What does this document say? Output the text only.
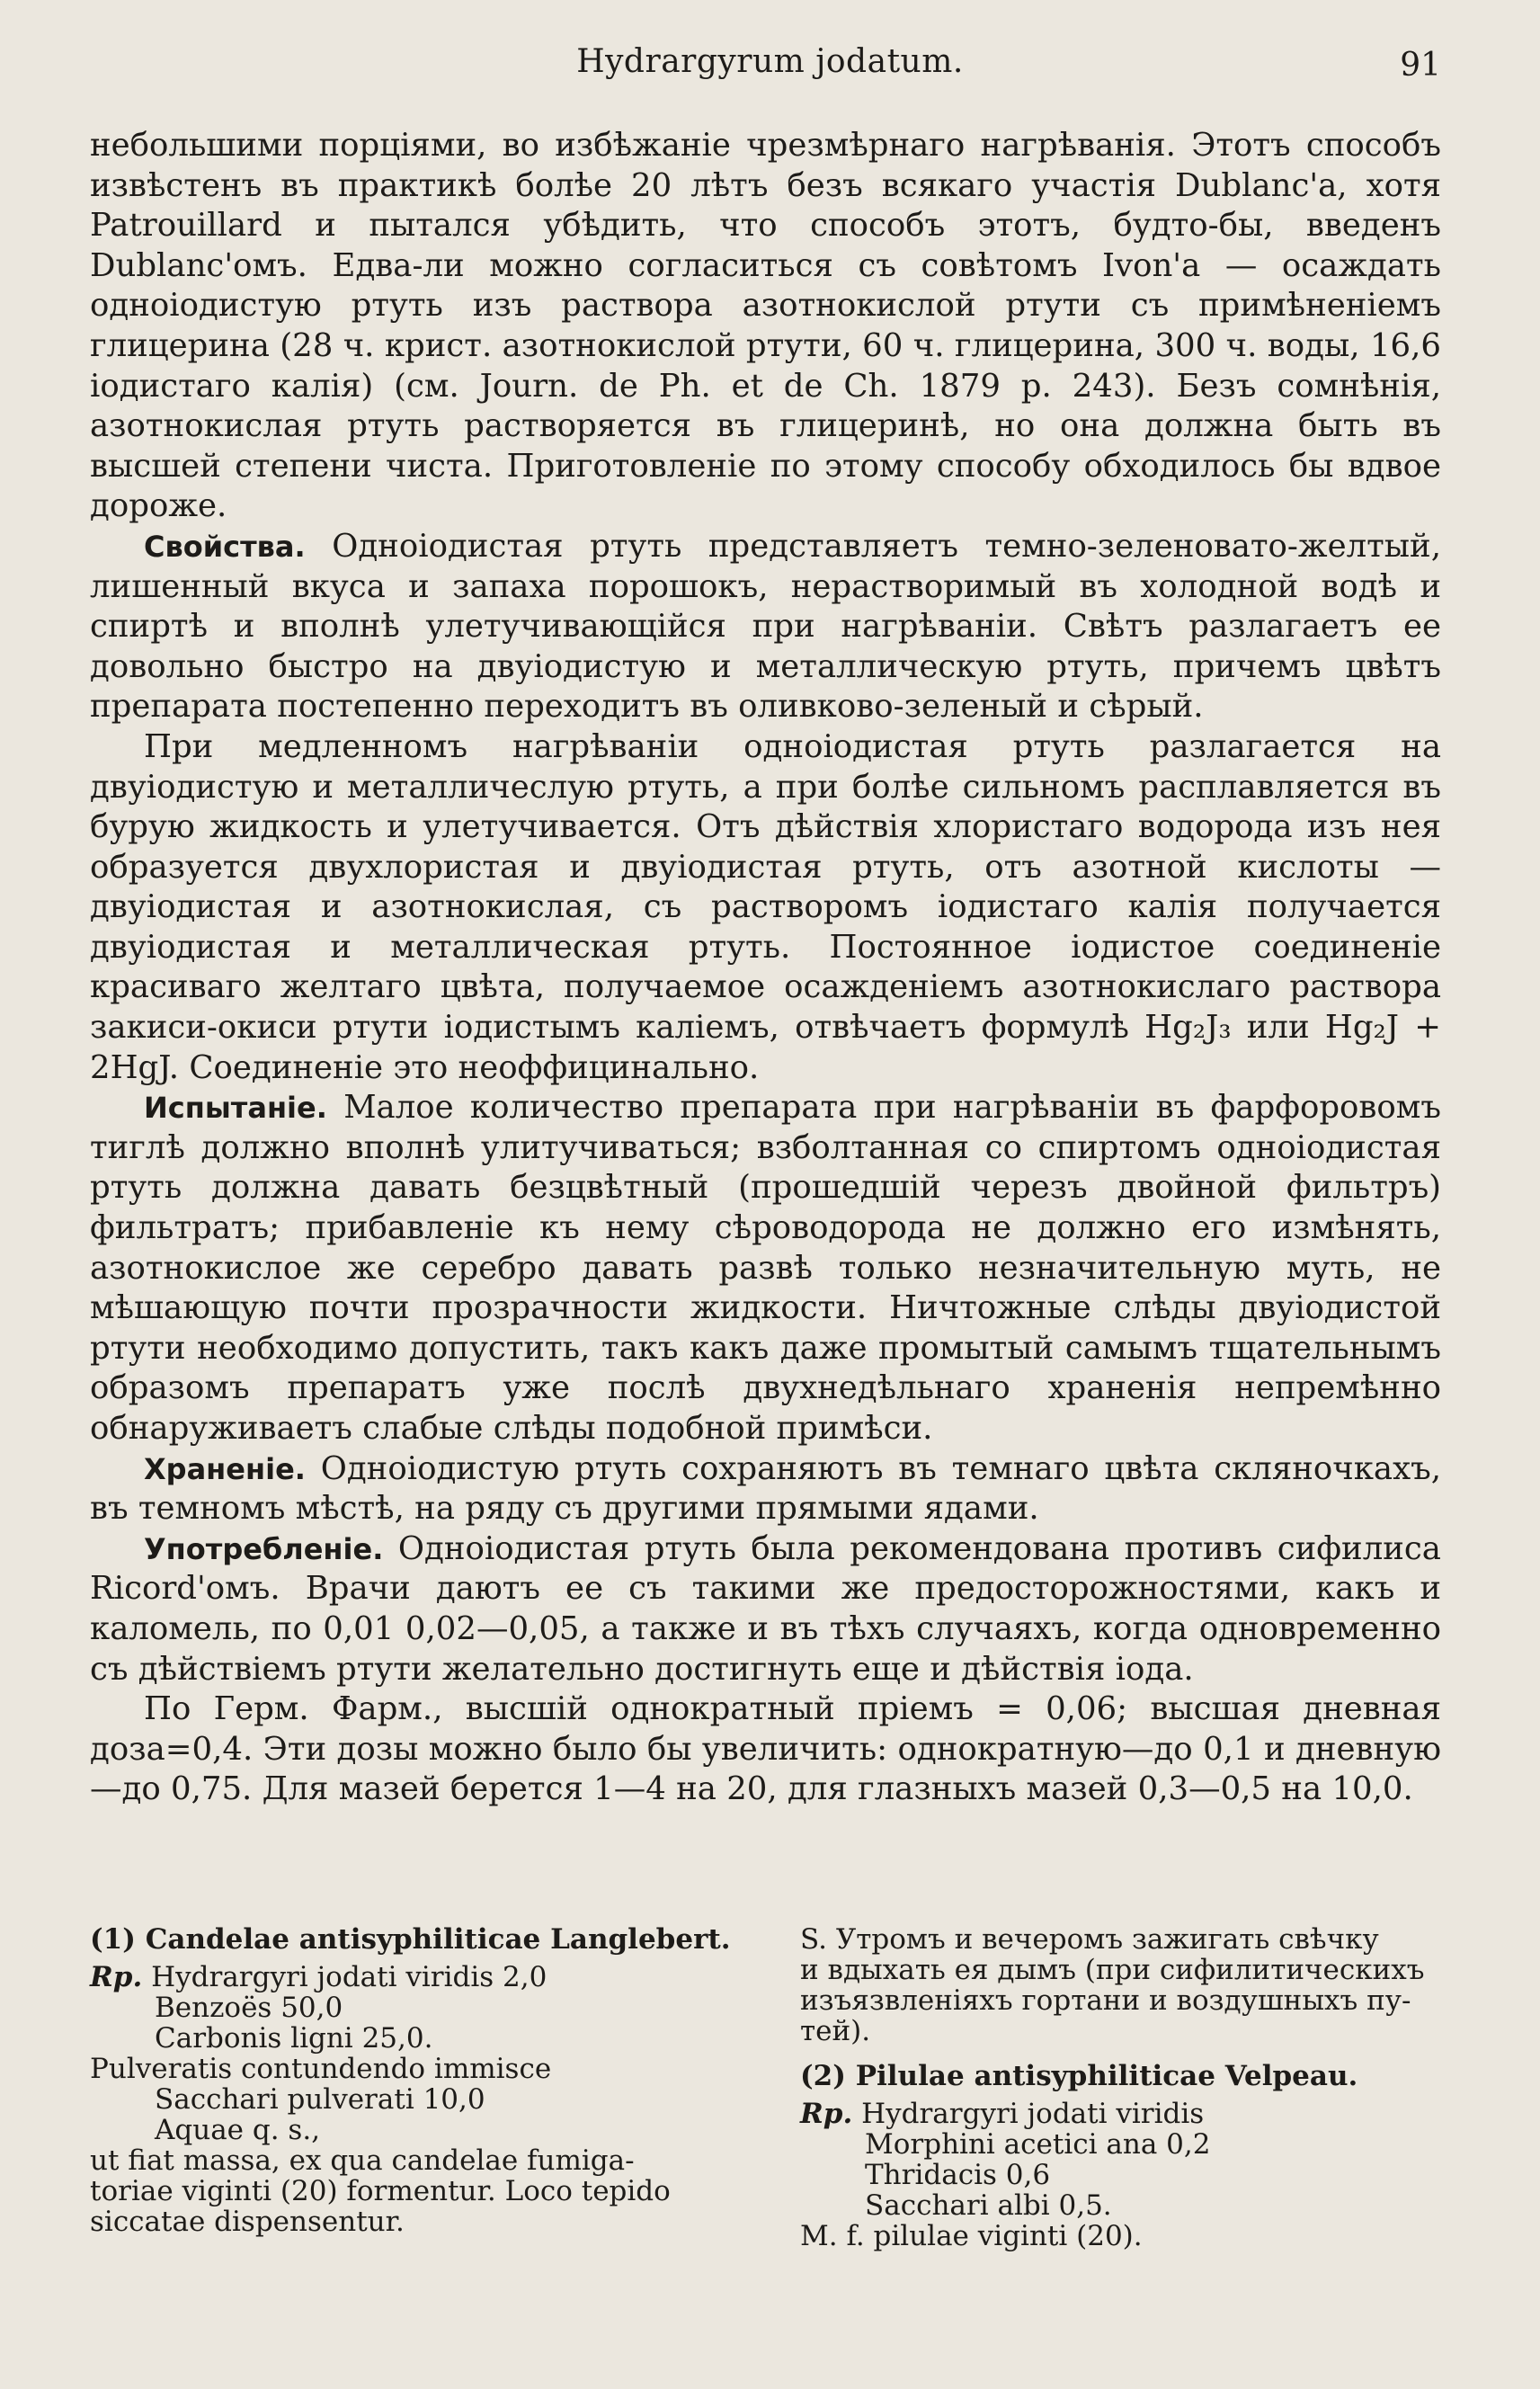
Hydrargyrum jodatum.	91

небольшими порціями, во избѣжаніе чрезмѣрнаго нагрѣванія. Этотъ способъ извѣстенъ въ практикѣ болѣе 20 лѣтъ безъ всякаго участія Dublanc'а, хотя Patrouillard и пытался убѣдить, что способъ этотъ, будто-бы, введенъ Dublanc'омъ. Едва-ли можно согласиться съ совѣтомъ Ivon'а — осаждать одноіодистую ртуть изъ раствора азотнокислой ртути съ примѣненіемъ глицерина (28 ч. крист. азотнокислой ртути, 60 ч. глицерина, 300 ч. воды, 16,6 іодистаго калія) (см. Journ. de Ph. et de Ch. 1879 р. 243). Безъ сомнѣнія, азотнокислая ртуть растворяется въ глицеринѣ, но она должна быть въ высшей степени чиста. Приготовленіе по этому способу обходилось бы вдвое дороже.

Свойства. Одноіодистая ртуть представляетъ темно-зеленовато-желтый, лишенный вкуса и запаха порошокъ, нерастворимый въ холодной водѣ и спиртѣ и вполнѣ улетучивающійся при нагрѣваніи. Свѣтъ разлагаетъ ее довольно быстро на двуіодистую и металлическую ртуть, причемъ цвѣтъ препарата постепенно переходитъ въ оливково-зеленый и сѣрый.

При медленномъ нагрѣваніи одноіодистая ртуть разлагается на двуіодистую и металличеслую ртуть, а при болѣе сильномъ расплавляется въ бурую жидкость и улетучивается. Отъ дѣйствія хлористаго водорода изъ нея образуется двухлористая и двуіодистая ртуть, отъ азотной кислоты — двуіодистая и азотнокислая, съ растворомъ іодистаго калія получается двуіодистая и металлическая ртуть. Постоянное іодистое соединеніе красиваго желтаго цвѣта, получаемое осажденіемъ азотнокислаго раствора закиси-окиси ртути іодистымъ каліемъ, отвѣчаетъ формулѣ Hg₂J₃ или Hg₂J + 2HgJ. Соединеніе это неоффицинально.

Испытаніе. Малое количество препарата при нагрѣваніи въ фарфоровомъ тиглѣ должно вполнѣ улитучиваться; взболтанная со спиртомъ одноіодистая ртуть должна давать безцвѣтный (прошедшій черезъ двойной фильтръ) фильтратъ; прибавленіе къ нему сѣроводорода не должно его измѣнять, азотнокислое же серебро давать развѣ только незначительную муть, не мѣшающую почти прозрачности жидкости. Ничтожные слѣды двуіодистой ртути необходимо допустить, такъ какъ даже промытый самымъ тщательнымъ образомъ препаратъ уже послѣ двухнедѣльнаго храненія непремѣнно обнаруживаетъ слабые слѣды подобной примѣси.

Храненіе. Одноіодистую ртуть сохраняютъ въ темнаго цвѣта скляночкахъ, въ темномъ мѣстѣ, на ряду съ другими прямыми ядами.

Употребленіе. Одноіодистая ртуть была рекомендована противъ сифилиса Ricord'омъ. Врачи даютъ ее съ такими же предосторожностями, какъ и каломель, по 0,01 0,02—0,05, а также и въ тѣхъ случаяхъ, когда одновременно съ дѣйствіемъ ртути желательно достигнуть еще и дѣйствія іода.

По Герм. Фарм., высшій однократный пріемъ = 0,06; высшая дневная доза=0,4. Эти дозы можно было бы увеличить: однократную—до 0,1 и дневную—до 0,75. Для мазей берется 1—4 на 20, для глазныхъ мазей 0,3—0,5 на 10,0.

(1) Candelae antisyphiliticae Langlebert.
Rp. Hydrargyri jodati viridis 2,0
Benzoës 50,0
Carbonis ligni 25,0.
Pulveratis contundendo immisce
Sacchari pulverati 10,0
Aquae q. s.,
ut fiat massa, ex qua candelae fumiga-
toriae viginti (20) formentur. Loco tepido
siccatae dispensentur.
S. Утромъ и вечеромъ зажигать свѣчку
и вдыхать ея дымъ (при сифилитическихъ
изъязвленіяхъ гортани и воздушныхъ пу-
тей).
(2) Pilulae antisyphiliticae Velpeau.
Rp. Hydrargyri jodati viridis
Morphini acetici ana 0,2
Thridacis 0,6
Sacchari albi 0,5.
M. f. pilulae viginti (20).
